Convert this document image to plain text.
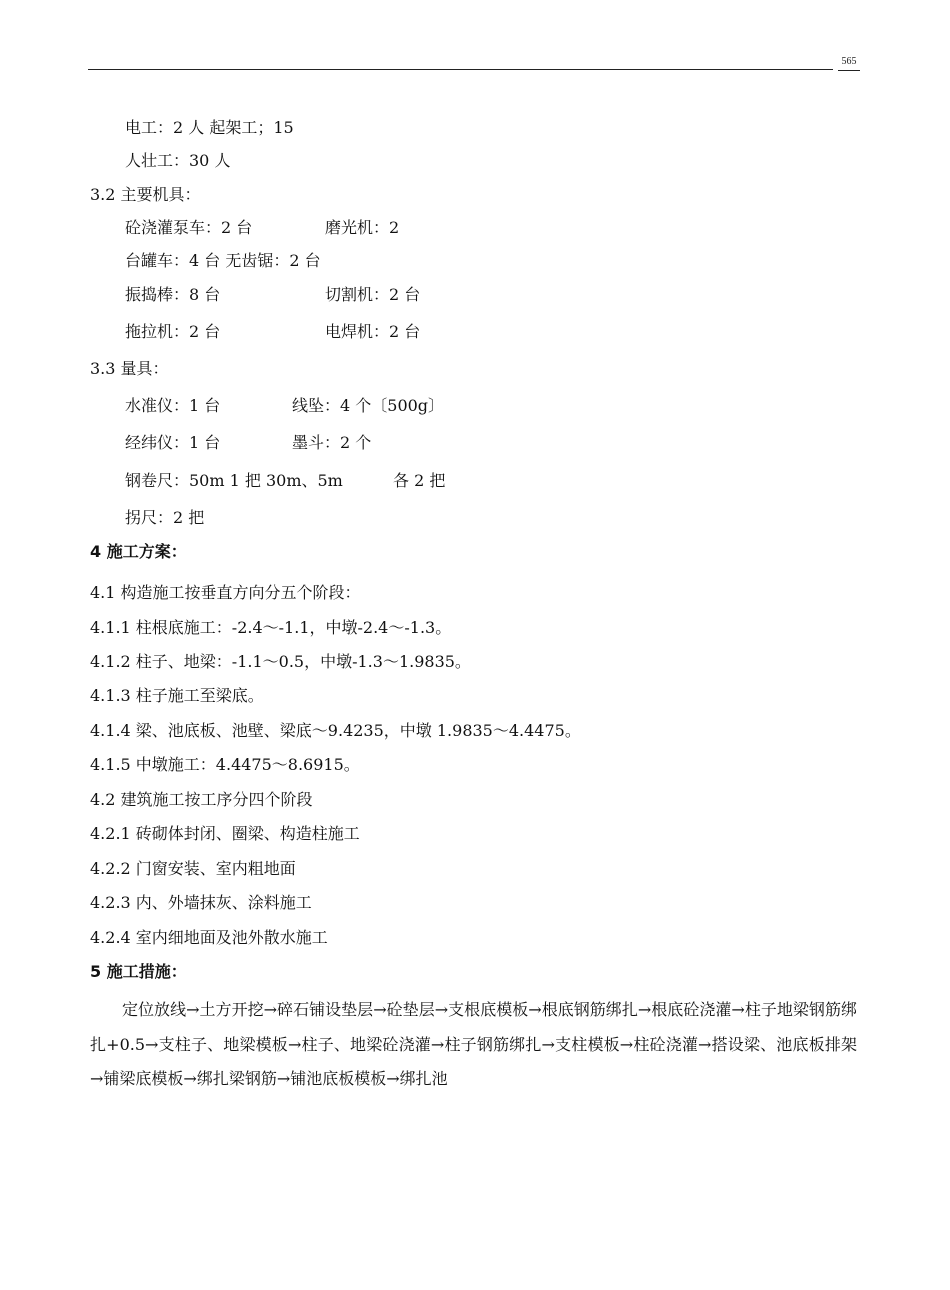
565
电工：2 人 起架工；15
人壮工：30 人
3.2 主要机具：
砼浇灌泵车：2 台	磨光机：2
台罐车：4 台 无齿锯：2 台
振捣棒：8 台	切割机：2 台
拖拉机：2 台	电焊机：2 台
3.3 量具：
水准仪：1 台	线坠：4 个〔500g〕
经纬仪：1 台	墨斗：2 个
钢卷尺：50m 1 把 30m、5m	各 2 把
拐尺：2 把
4 施工方案：
4.1 构造施工按垂直方向分五个阶段：
4.1.1 柱根底施工：-2.4～-1.1，中墩-2.4～-1.3。
4.1.2 柱子、地梁：-1.1～0.5，中墩-1.3～1.9835。
4.1.3 柱子施工至梁底。
4.1.4 梁、池底板、池壁、梁底～9.4235，中墩 1.9835～4.4475。
4.1.5 中墩施工：4.4475～8.6915。
4.2 建筑施工按工序分四个阶段
4.2.1 砖砌体封闭、圈梁、构造柱施工
4.2.2 门窗安装、室内粗地面
4.2.3 内、外墙抹灰、涂料施工
4.2.4 室内细地面及池外散水施工
5 施工措施：
定位放线→土方开挖→碎石铺设垫层→砼垫层→支根底模板→根底钢筋绑扎→根底砼浇灌→柱子地梁钢筋绑扎+0.5→支柱子、地梁模板→柱子、地梁砼浇灌→柱子钢筋绑扎→支柱模板→柱砼浇灌→搭设梁、池底板排架→铺梁底模板→绑扎梁钢筋→铺池底板模板→绑扎池
